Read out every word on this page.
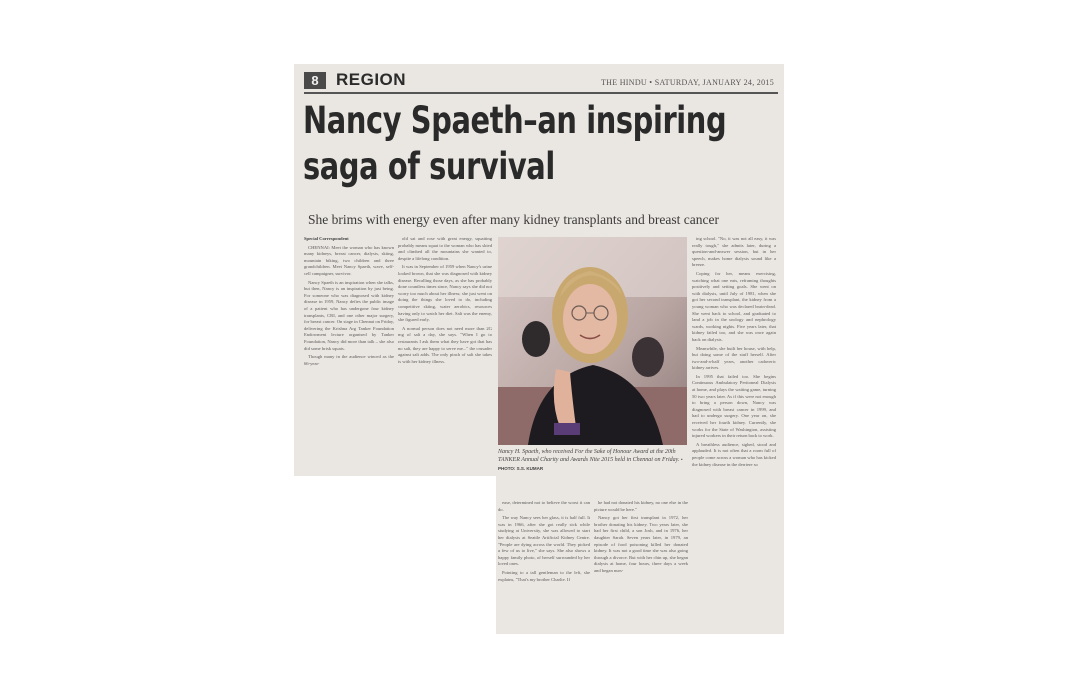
8	REGION	THE HINDU • SATURDAY, JANUARY 24, 2015
Nancy Spaeth–an inspiring
saga of survival
She brims with energy even after many kidney transplants and breast cancer

Special Correspondent

CHENNAI: Meet the woman who has known many kidneys, breast cancer, dialysis, skiing, mountain biking, two children and three grandchildren. Meet Nancy Spaeth, wave, self-cell campaigner, survivor.

Nancy Spaeth is an inspiration when she talks, but then, Nancy is an inspiration by just being. For someone who was diagnosed with kidney disease in 1959, Nancy defies the public image of a patient who has undergone four kidney transplants, CRI, and one other major surgery, for breast cancer. On stage in Chennai on Friday, delivering the Krishna Arg Tanker Foundation Endowment lecture organised by Tanker Foundation, Nancy did more than talk – she also did some brisk squats.

Though many in the audience winced as the 66-year-

old sat and rose with great energy, squatting probably means squat to the woman who has skied and climbed all the mountains she wanted to, despite a lifelong condition.

It was in September of 1959 when Nancy's urine looked brown, that she was diagnosed with kidney disease. Recalling those days, as she has probably done countless times since, Nancy says she did not worry too much about her illness; she just went on doing the things she loved to do, including competitive skiing, water aerobics, resources having only to watch her diet. Salt was the enemy, she figured early.

A normal person does not need more than 2G mg of salt a day, she says. "When I go to restaurants I ask them what they have got that has no salt, they are happy to serve me..." the crusader against salt adds. The only pinch of salt she takes is with her kidney illness.

Nancy H. Spaeth, who received For the Sake of Honour Award at the 20th TANKER Annual Charity and Awards Nite 2015 held in Chennai on Friday. • PHOTO: S.S. KUMAR

ing school. "No, it was not all easy, it was really tough," she admits later, during a question-and-answer session, but in her speech, makes home dialysis sound like a breeze.

Coping for her, means exercising, watching what one eats, reframing thoughts positively and setting goals. She went on with dialysis, until July of 1981, when she got her second transplant, the kidney from a young woman who was declared brain-dead. She went back to school, and graduated to land a job in the urology and nephrology wards, working nights. Five years later, that kidney failed too, and she was once again back on dialysis.

Meanwhile, she built her house, with help, but doing some of the stuff herself. After two-and-a-half years, another cadaveric kidney arrives.

In 1995 that failed too. She begins Continuous Ambulatory Peritoneal Dialysis at home, and plays the waiting game, turning 50 two years later. As if this were not enough to bring a person down, Nancy was diagnosed with breast cancer in 1999, and had to undergo surgery. One year on, she received her fourth kidney. Currently, she works for the State of Washington, assisting injured workers in their return back to work.

A breathless audience, sighed, stood and applauded. It is not often that a room full of people come across a woman who has kicked the kidney disease in the derriere so

ease, determined not to believe the worst it can do.

The way Nancy sees her glass, it is half full. It was in 1966, after she got really sick while studying at University, she was allowed to start her dialysis at Seattle Artificial Kidney Centre. "People are dying across the world. They picked a few of us to live," she says. She also shows a happy family photo, of herself surrounded by her loved ones.

Pointing to a tall gentleman to the left, she explains, "That's my brother Charlie. If

he had not donated his kidney, no one else in the picture would be here."

Nancy got her first transplant in 1972, her brother donating his kidney. Two years later, she had her first child, a son Josh, and in 1976, her daughter Sarah. Seven years later, in 1979, an episode of food poisoning killed her donated kidney. It was not a good time she was also going through a divorce. But with her chin up, she began dialysis at home, four hours, three days a week and began nurs-
